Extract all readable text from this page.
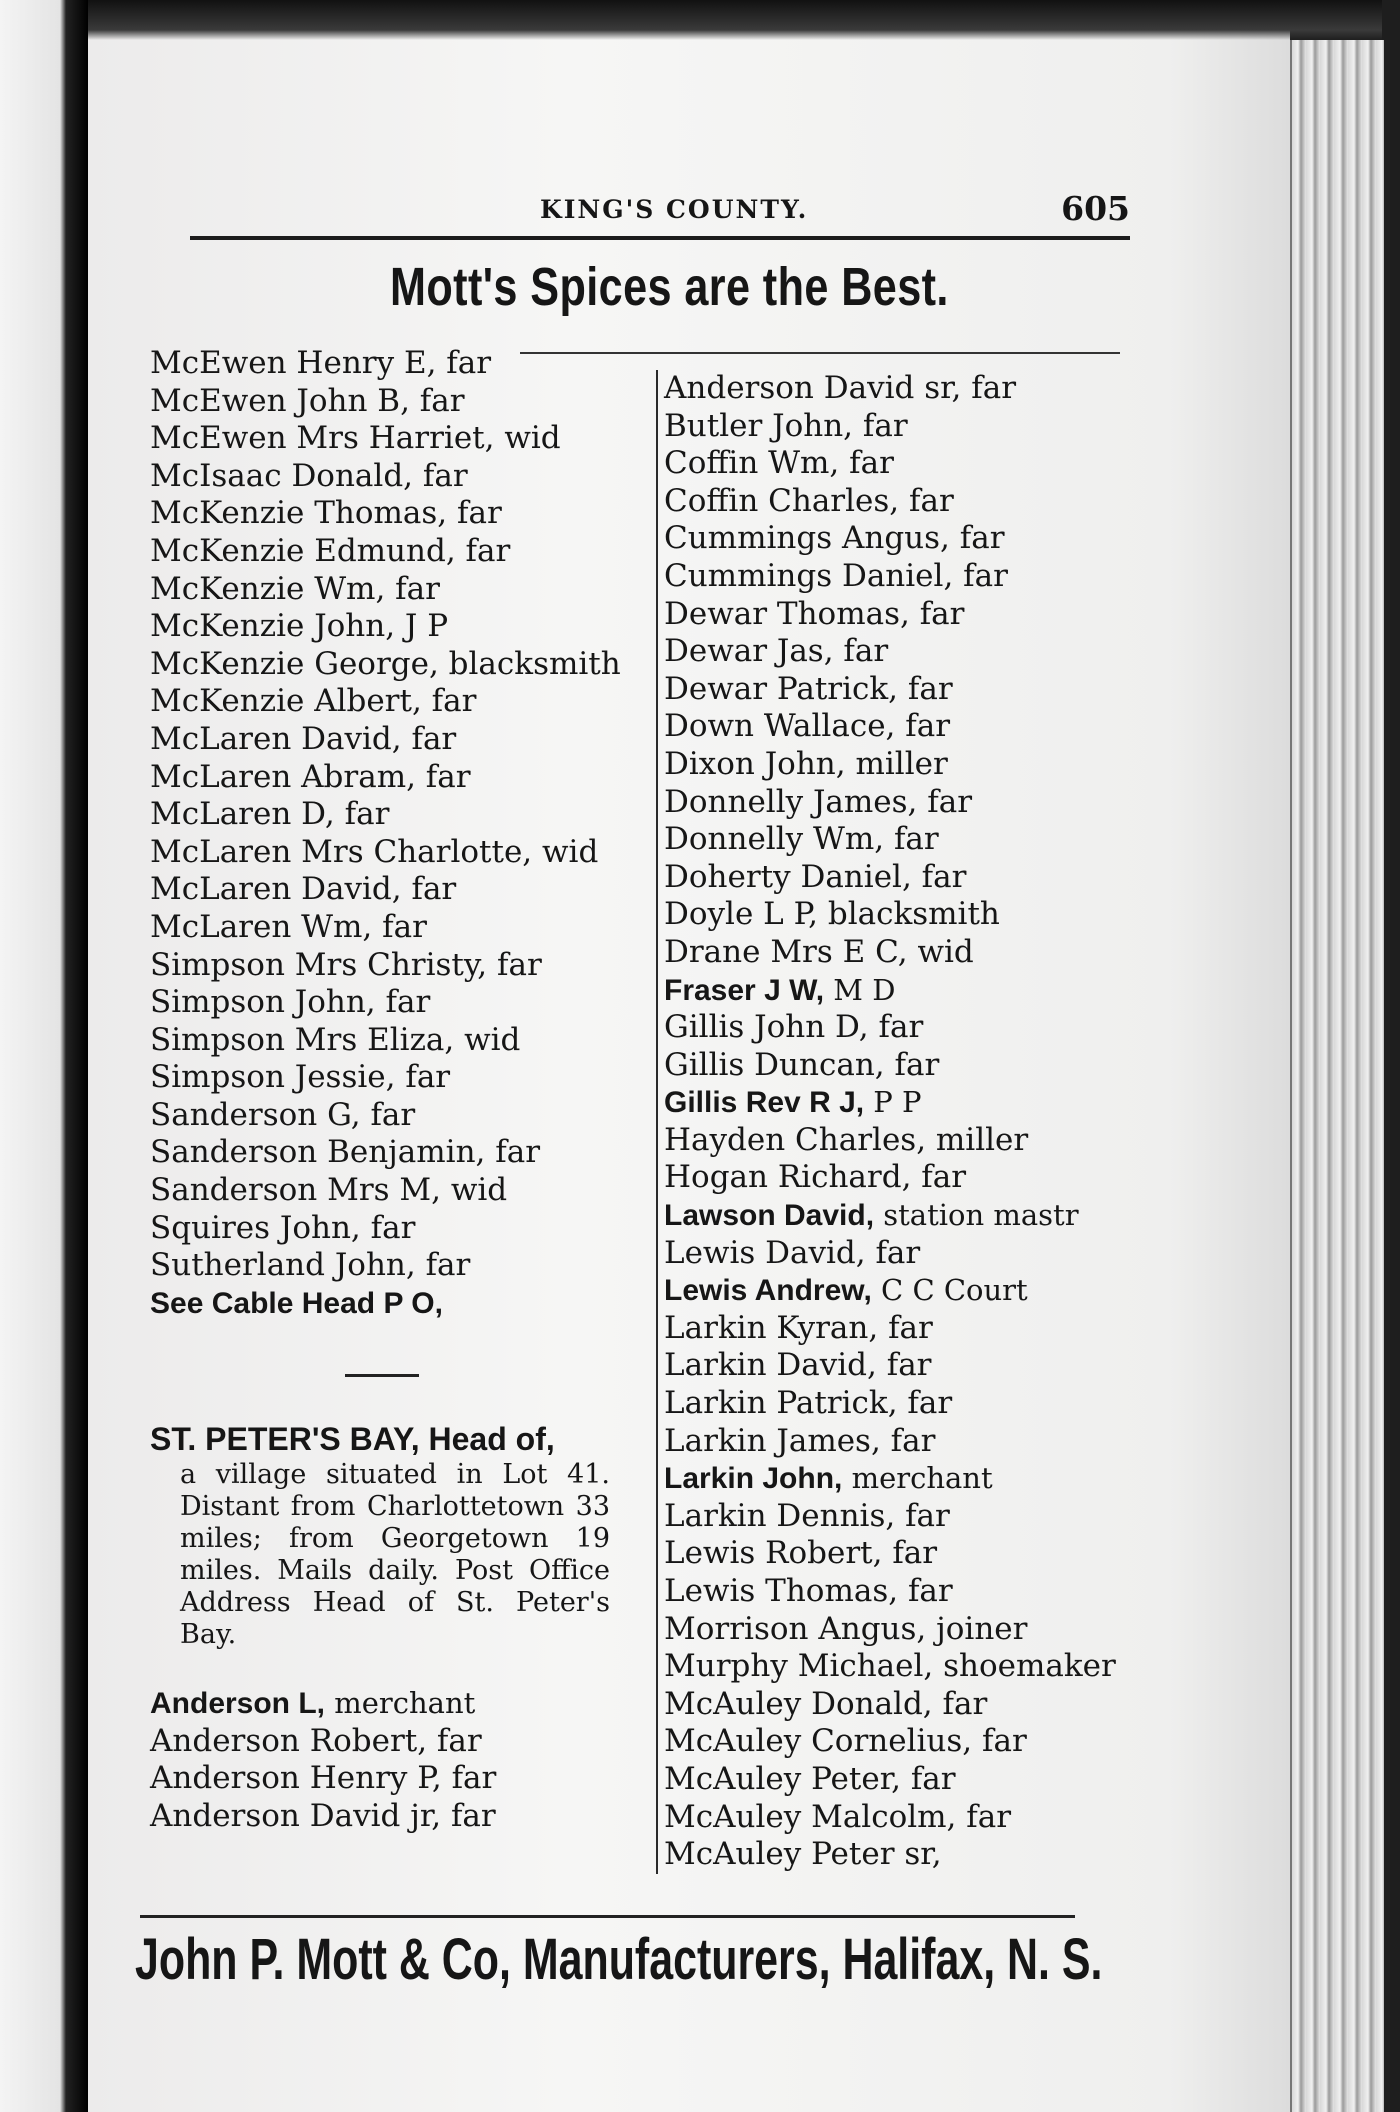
KING'S COUNTY.	605
Mott's Spices are the Best.
McEwen Henry E, far
McEwen John B, far
McEwen Mrs Harriet, wid
McIsaac Donald, far
McKenzie Thomas, far
McKenzie Edmund, far
McKenzie Wm, far
McKenzie John, J P
McKenzie George, blacksmith
McKenzie Albert, far
McLaren David, far
McLaren Abram, far
McLaren D, far
McLaren Mrs Charlotte, wid
McLaren David, far
McLaren Wm, far
Simpson Mrs Christy, far
Simpson John, far
Simpson Mrs Eliza, wid
Simpson Jessie, far
Sanderson G, far
Sanderson Benjamin, far
Sanderson Mrs M, wid
Squires John, far
Sutherland John, far
See Cable Head P O,
ST. PETER'S BAY, Head of,
a village situated in Lot 41. Distant from Charlottetown 33 miles; from Georgetown 19 miles. Mails daily. Post Office Address Head of St. Peter's Bay.
Anderson L, merchant
Anderson Robert, far
Anderson Henry P, far
Anderson David jr, far
Anderson David sr, far
Butler John, far
Coffin Wm, far
Coffin Charles, far
Cummings Angus, far
Cummings Daniel, far
Dewar Thomas, far
Dewar Jas, far
Dewar Patrick, far
Down Wallace, far
Dixon John, miller
Donnelly James, far
Donnelly Wm, far
Doherty Daniel, far
Doyle L P, blacksmith
Drane Mrs E C, wid
Fraser J W, M D
Gillis John D, far
Gillis Duncan, far
Gillis Rev R J, P P
Hayden Charles, miller
Hogan Richard, far
Lawson David, station mastr
Lewis David, far
Lewis Andrew, C C Court
Larkin Kyran, far
Larkin David, far
Larkin Patrick, far
Larkin James, far
Larkin John, merchant
Larkin Dennis, far
Lewis Robert, far
Lewis Thomas, far
Morrison Angus, joiner
Murphy Michael, shoemaker
McAuley Donald, far
McAuley Cornelius, far
McAuley Peter, far
McAuley Malcolm, far
McAuley Peter sr,
John P. Mott & Co, Manufacturers, Halifax, N. S.
